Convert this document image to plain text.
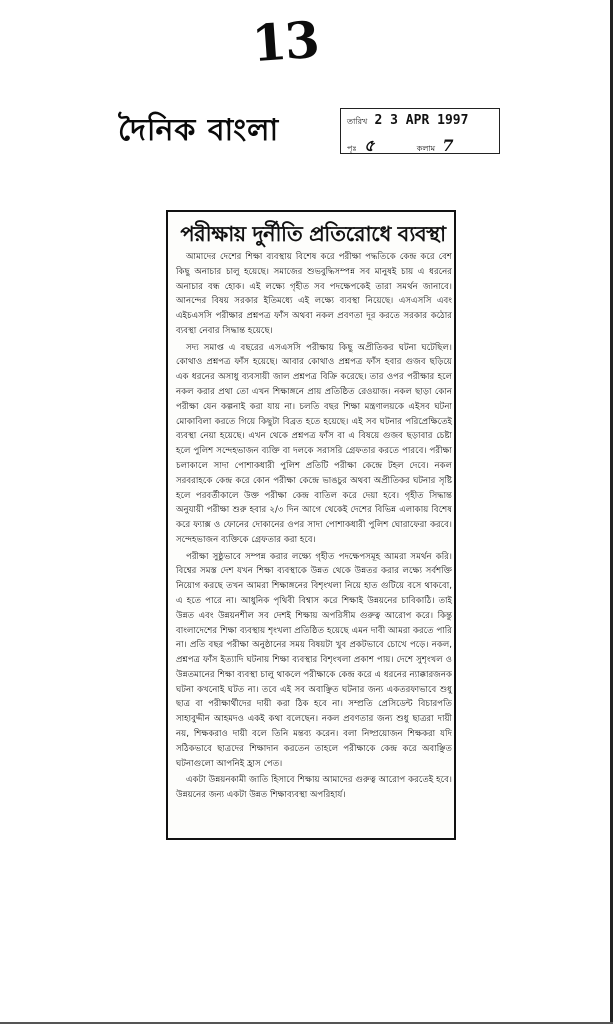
13
দৈনিক বাংলা	তারিখ 2 3 APR 1997
পৃঃ ৫	কলাম 7
পরীক্ষায় দুর্নীতি প্রতিরোধে ব্যবস্থা

আমাদের দেশের শিক্ষা ব্যবস্থায় বিশেষ করে পরীক্ষা পদ্ধতিকে কেন্দ্র করে বেশ কিছু অনাচার চালু হয়েছে। সমাজের শুভবুদ্ধিসম্পন্ন সব মানুষই চায় এ ধরনের অনাচার বন্ধ হোক। এই লক্ষ্যে গৃহীত সব পদক্ষেপকেই তারা সমর্থন জানাবে। আনন্দের বিষয় সরকার ইতিমধ্যে এই লক্ষ্যে ব্যবস্থা নিয়েছে। এসএসসি এবং এইচএসসি পরীক্ষার প্রশ্নপত্র ফাঁস অথবা নকল প্রবণতা দূর করতে সরকার কঠোর ব্যবস্থা নেবার সিদ্ধান্ত হয়েছে।

সদ্য সমাপ্ত এ বছরের এসএসসি পরীক্ষায় কিছু অপ্রীতিকর ঘটনা ঘটেছিল। কোথাও প্রশ্নপত্র ফাঁস হয়েছে। আবার কোথাও প্রশ্নপত্র ফাঁস হবার গুজব ছড়িয়ে এক ধরনের অসাধু ব্যবসায়ী জাল প্রশ্নপত্র বিক্রি করেছে। তার ওপর পরীক্ষার হলে নকল করার প্রথা তো এখন শিক্ষাঙ্গনে প্রায় প্রতিষ্ঠিত রেওয়াজ। নকল ছাড়া কোন পরীক্ষা যেন কল্পনাই করা যায় না। চলতি বছর শিক্ষা মন্ত্রণালয়কে এইসব ঘটনা মোকাবিলা করতে গিয়ে কিছুটা বিব্রত হতে হয়েছে। এই সব ঘটনার পরিপ্রেক্ষিতেই ব্যবস্থা নেয়া হয়েছে। এখন থেকে প্রশ্নপত্র ফাঁস বা এ বিষয়ে গুজব ছড়াবার চেষ্টা হলে পুলিশ সন্দেহভাজন ব্যক্তি বা দলকে সরাসরি গ্রেফতার করতে পারবে। পরীক্ষা চলাকালে সাদা পোশাকধারী পুলিশ প্রতিটি পরীক্ষা কেন্দ্রে টহল দেবে। নকল সরবরাহকে কেন্দ্র করে কোন পরীক্ষা কেন্দ্রে ভাঙচুর অথবা অপ্রীতিকর ঘটনার সৃষ্টি হলে পরবর্তীকালে উক্ত পরীক্ষা কেন্দ্র বাতিল করে দেয়া হবে। গৃহীত সিদ্ধান্ত অনুযায়ী পরীক্ষা শুরু হবার ২/৩ দিন আগে থেকেই দেশের বিভিন্ন এলাকায় বিশেষ করে ফ্যাক্স ও ফোনের দোকানের ওপর সাদা পোশাকধারী পুলিশ ঘোরাফেরা করবে। সন্দেহভাজন ব্যক্তিকে গ্রেফতার করা হবে।

পরীক্ষা সুষ্ঠুভাবে সম্পন্ন করার লক্ষ্যে গৃহীত পদক্ষেপসমূহ আমরা সমর্থন করি। বিশ্বের সমস্ত দেশ যখন শিক্ষা ব্যবস্থাকে উন্নত থেকে উন্নতর করার লক্ষ্যে সর্বশক্তি নিয়োগ করছে তখন আমরা শিক্ষাঙ্গনের বিশৃংখলা নিয়ে হাত গুটিয়ে বসে থাকবো, এ হতে পারে না। আধুনিক পৃথিবী বিশ্বাস করে শিক্ষাই উন্নয়নের চাবিকাঠি। তাই উন্নত এবং উন্নয়নশীল সব দেশই শিক্ষায় অপরিসীম গুরুত্ব আরোপ করে। কিন্তু বাংলাদেশের শিক্ষা ব্যবস্থায় শৃংখলা প্রতিষ্ঠিত হয়েছে এমন দাবী আমরা করতে পারি না। প্রতি বছর পরীক্ষা অনুষ্ঠানের সময় বিষয়টা খুব প্রকটভাবে চোখে পড়ে। নকল, প্রশ্নপত্র ফাঁস ইত্যাদি ঘটনায় শিক্ষা ব্যবস্থার বিশৃংখলা প্রকাশ পায়। দেশে সুশৃংখল ও উন্নতমানের শিক্ষা ব্যবস্থা চালু থাকলে পরীক্ষাকে কেন্দ্র করে এ ধরনের ন্যাক্কারজনক ঘটনা কখনোই ঘটত না। তবে এই সব অবাঞ্ছিত ঘটনার জন্য একতরফাভাবে শুধু ছাত্র বা পরীক্ষার্থীদের দায়ী করা ঠিক হবে না। সম্প্রতি প্রেসিডেন্ট বিচারপতি সাহাবুদ্দীন আহমদও একই কথা বলেছেন। নকল প্রবণতার জন্য শুধু ছাত্ররা দায়ী নয়, শিক্ষকরাও দায়ী বলে তিনি মন্তব্য করেন। বলা নিষ্প্রয়োজন শিক্ষকরা যদি সঠিকভাবে ছাত্রদের শিক্ষাদান করতেন তাহলে পরীক্ষাকে কেন্দ্র করে অবাঞ্ছিত ঘটনাগুলো আপনিই হ্রাস পেত।

একটা উন্নয়নকামী জাতি হিসাবে শিক্ষায় আমাদের গুরুত্ব আরোপ করতেই হবে। উন্নয়নের জন্য একটা উন্নত শিক্ষাব্যবস্থা অপরিহার্য।
